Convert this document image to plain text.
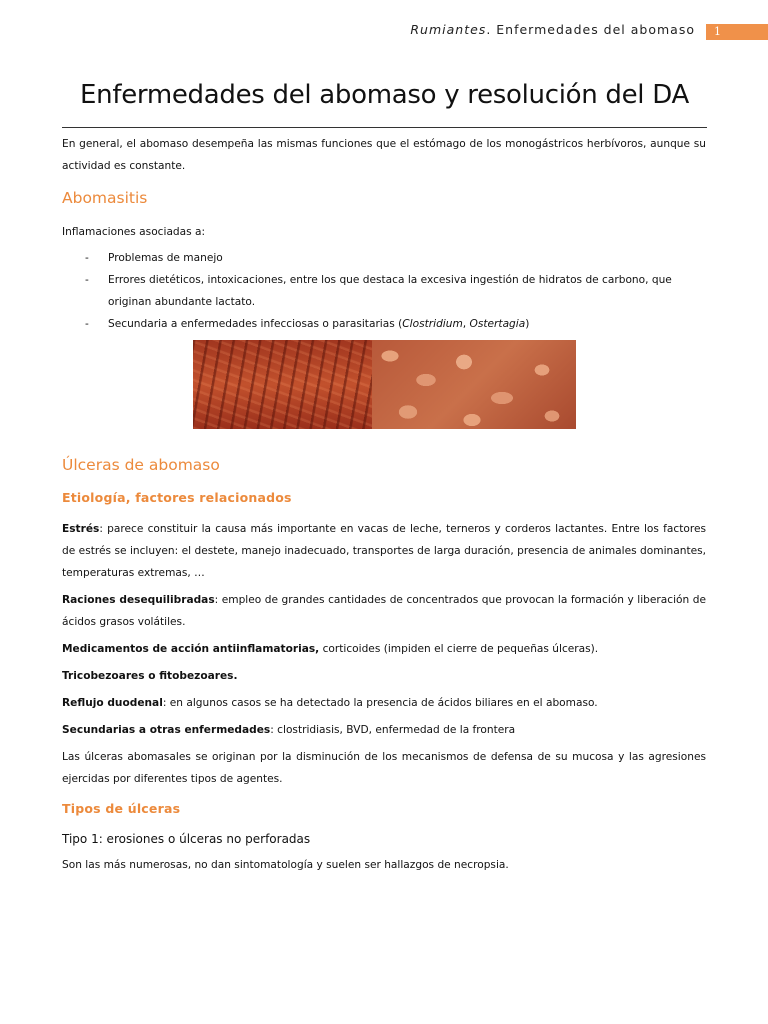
Rumiantes. Enfermedades del abomaso	1
Enfermedades del abomaso y resolución del DA

En general, el abomaso desempeña las mismas funciones que el estómago de los monogástricos herbívoros, aunque su actividad es constante.

Abomasitis

Inflamaciones asociadas a:

- Problemas de manejo
- Errores dietéticos, intoxicaciones, entre los que destaca la excesiva ingestión de hidratos de carbono, que originan abundante lactato.
- Secundaria a enfermedades infecciosas o parasitarias (Clostridium, Ostertagia)
Úlceras de abomaso
Etiología, factores relacionados

Estrés: parece constituir la causa más importante en vacas de leche, terneros y corderos lactantes. Entre los factores de estrés se incluyen: el destete, manejo inadecuado, transportes de larga duración, presencia de animales dominantes, temperaturas extremas, …

Raciones desequilibradas: empleo de grandes cantidades de concentrados que provocan la formación y liberación de ácidos grasos volátiles.

Medicamentos de acción antiinflamatorias, corticoides (impiden el cierre de pequeñas úlceras).

Tricobezoares o fitobezoares.

Reflujo duodenal: en algunos casos se ha detectado la presencia de ácidos biliares en el abomaso.

Secundarias a otras enfermedades: clostridiasis, BVD, enfermedad de la frontera

Las úlceras abomasales se originan por la disminución de los mecanismos de defensa de su mucosa y las agresiones ejercidas por diferentes tipos de agentes.

Tipos de úlceras

Tipo 1: erosiones o úlceras no perforadas

Son las más numerosas, no dan sintomatología y suelen ser hallazgos de necropsia.
